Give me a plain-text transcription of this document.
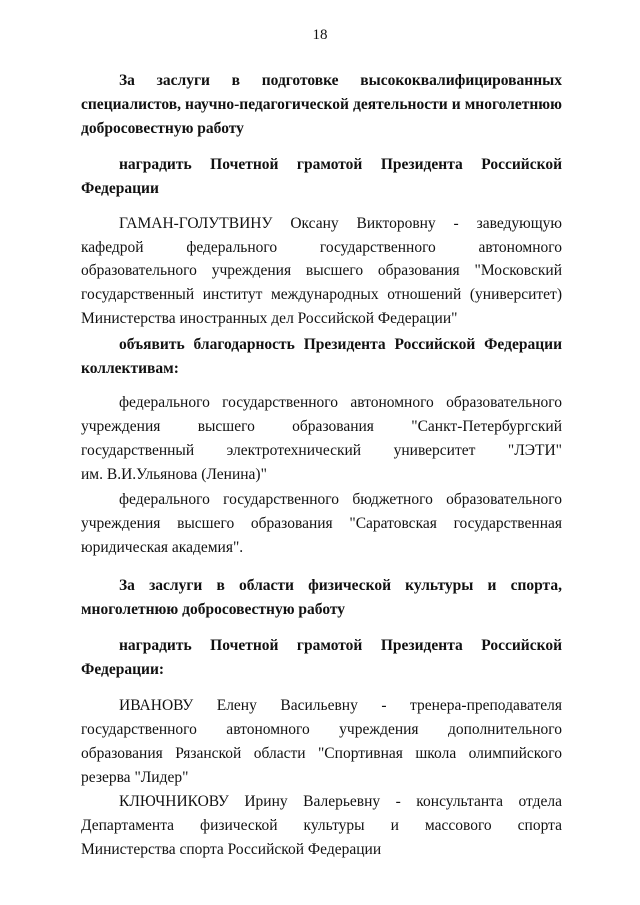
18
За заслуги в подготовке высококвалифицированных
специалистов, научно-педагогической деятельности и многолетнюю
добросовестную работу
наградить Почетной грамотой Президента Российской
Федерации
ГАМАН-ГОЛУТВИНУ Оксану Викторовну - заведующую
кафедрой федерального государственного автономного
образовательного учреждения высшего образования "Московский
государственный институт международных отношений (университет)
Министерства иностранных дел Российской Федерации"
объявить благодарность Президента Российской Федерации
коллективам:
федерального государственного автономного образовательного
учреждения высшего образования "Санкт-Петербургский
государственный электротехнический университет "ЛЭТИ"
им. В.И.Ульянова (Ленина)"
федерального государственного бюджетного образовательного
учреждения высшего образования "Саратовская государственная
юридическая академия".
За заслуги в области физической культуры и спорта,
многолетнюю добросовестную работу
наградить Почетной грамотой Президента Российской
Федерации:
ИВАНОВУ Елену Васильевну - тренера-преподавателя
государственного автономного учреждения дополнительного
образования Рязанской области "Спортивная школа олимпийского
резерва "Лидер"
КЛЮЧНИКОВУ Ирину Валерьевну - консультанта отдела
Департамента физической культуры и массового спорта
Министерства спорта Российской Федерации
